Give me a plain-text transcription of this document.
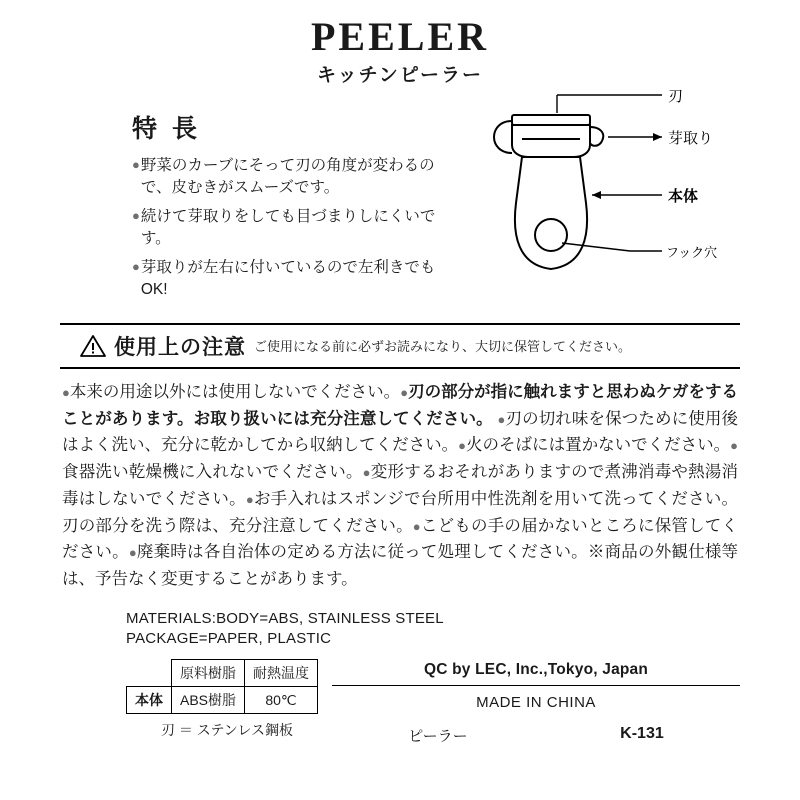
PEELER
キッチンピーラー
特 長
● 野菜のカーブにそって刃の角度が変わるので、皮むきがスムーズです。
● 続けて芽取りをしても目づまりしにくいです。
● 芽取りが左右に付いているので左利きでもOK!
刃
芽取り
本体
フック穴
使用上の注意 ご使用になる前に必ずお読みになり、大切に保管してください。
●本来の用途以外には使用しないでください。●刃の部分が指に触れますと思わぬケガをすることがあります。お取り扱いには充分注意してください。 ●刃の切れ味を保つために使用後はよく洗い、充分に乾かしてから収納してください。●火のそばには置かないでください。●食器洗い乾燥機に入れないでください。●変形するおそれがありますので煮沸消毒や熱湯消毒はしないでください。●お手入れはスポンジで台所用中性洗剤を用いて洗ってください。刃の部分を洗う際は、充分注意してください。●こどもの手の届かないところに保管してください。●廃棄時は各自治体の定める方法に従って処理してください。※商品の外観仕様等は、予告なく変更することがあります。
MATERIALS:BODY=ABS, STAINLESS STEEL
PACKAGE=PAPER, PLASTIC
	原料樹脂	耐熱温度
本体	ABS樹脂	80℃
刃 ＝ ステンレス鋼板
QC by LEC, Inc.,Tokyo, Japan
MADE IN CHINA
ピーラー	K-131
